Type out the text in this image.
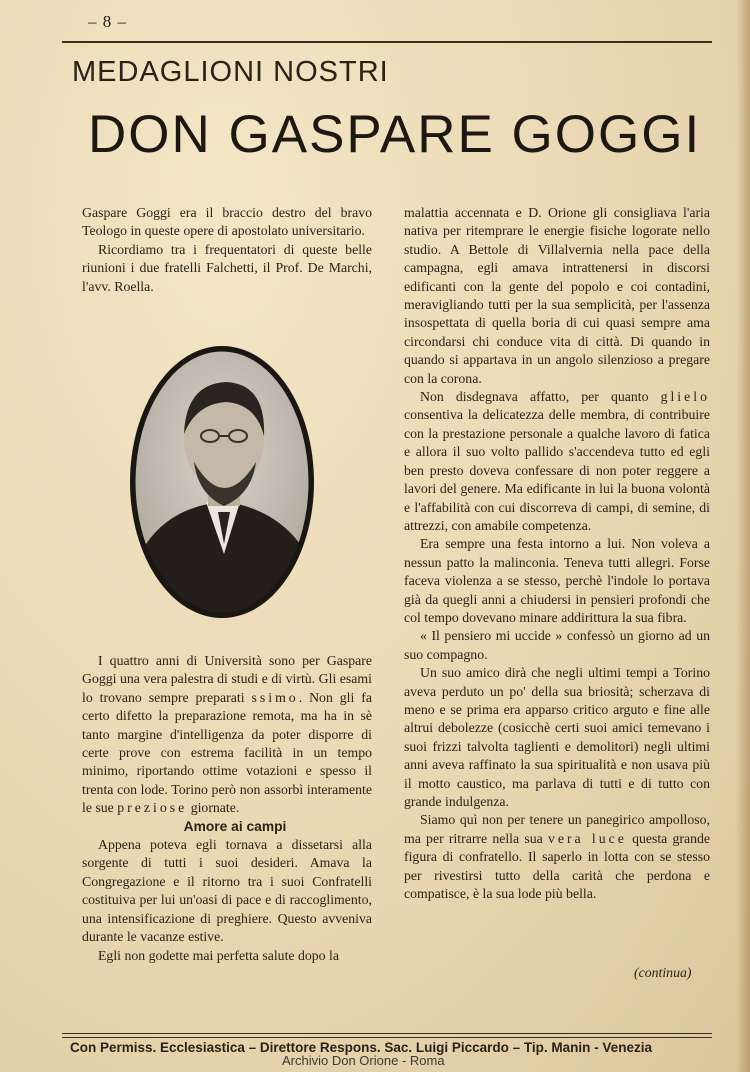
– 8 –
MEDAGLIONI NOSTRI
DON GASPARE GOGGI

Gaspare Goggi era il braccio destro del bravo Teologo in queste opere di apostolato universitario.

Ricordiamo tra i frequentatori di queste belle riunioni i due fratelli Falchetti, il Prof. De Marchi, l'avv. Roella.

I quattro anni di Università sono per Gaspare Goggi una vera palestra di studi e di virtù. Gli esami lo trovano sempre preparati ssimo. Non gli fa certo difetto la preparazione remota, ma ha in sè tanto margine d'intelligenza da poter disporre di certe prove con estrema facilità in un tempo minimo, riportando ottime votazioni e spesso il trenta con lode. Torino però non assorbì interamente le sue preziose giornate.

Amore ai campi

Appena poteva egli tornava a dissetarsi alla sorgente di tutti i suoi desideri. Amava la Congregazione e il ritorno tra i suoi Confratelli costituiva per lui un'oasi di pace e di raccoglimento, una intensificazione di preghiere. Questo avveniva durante le vacanze estive.

Egli non godette mai perfetta salute dopo la

malattia accennata e D. Orione gli consigliava l'aria nativa per ritemprare le energie fisiche logorate nello studio. A Bettole di Villalvernia nella pace della campagna, egli amava intrattenersi in discorsi edificanti con la gente del popolo e coi contadini, meravigliando tutti per la sua semplicità, per l'assenza insospettata di quella boria di cui quasi sempre ama circondarsi chi conduce vita di città. Di quando in quando si appartava in un angolo silenzioso a pregare con la corona.

Non disdegnava affatto, per quanto glielo consentiva la delicatezza delle membra, di contribuire con la prestazione personale a qualche lavoro di fatica e allora il suo volto pallido s'accendeva tutto ed egli ben presto doveva confessare di non poter reggere a lavori del genere. Ma edificante in lui la buona volontà e l'affabilità con cui discorreva di campi, di semine, di attrezzi, con amabile competenza.

Era sempre una festa intorno a lui. Non voleva a nessun patto la malinconia. Teneva tutti allegri. Forse faceva violenza a se stesso, perchè l'indole lo portava già da quegli anni a chiudersi in pensieri profondi che col tempo dovevano minare addirittura la sua fibra.

« Il pensiero mi uccide » confessò un giorno ad un suo compagno.

Un suo amico dirà che negli ultimi tempi a Torino aveva perduto un po' della sua briosità; scherzava di meno e se prima era apparso critico arguto e fine alle altrui debolezze (cosicchè certi suoi amici temevano i suoi frizzi talvolta taglienti e demolitori) negli ultimi anni aveva raffinato la sua spiritualità e non usava più il motto caustico, ma parlava di tutti e di tutto con grande indulgenza.

Siamo quì non per tenere un panegirico ampolloso, ma per ritrarre nella sua vera luce questa grande figura di confratello. Il saperlo in lotta con se stesso per rivestirsi tutto della carità che perdona e compatisce, è la sua lode più bella.

(continua)
Con Permiss. Ecclesiastica – Direttore Respons. Sac. Luigi Piccardo – Tip. Manin - Venezia
Archivio Don Orione - Roma
